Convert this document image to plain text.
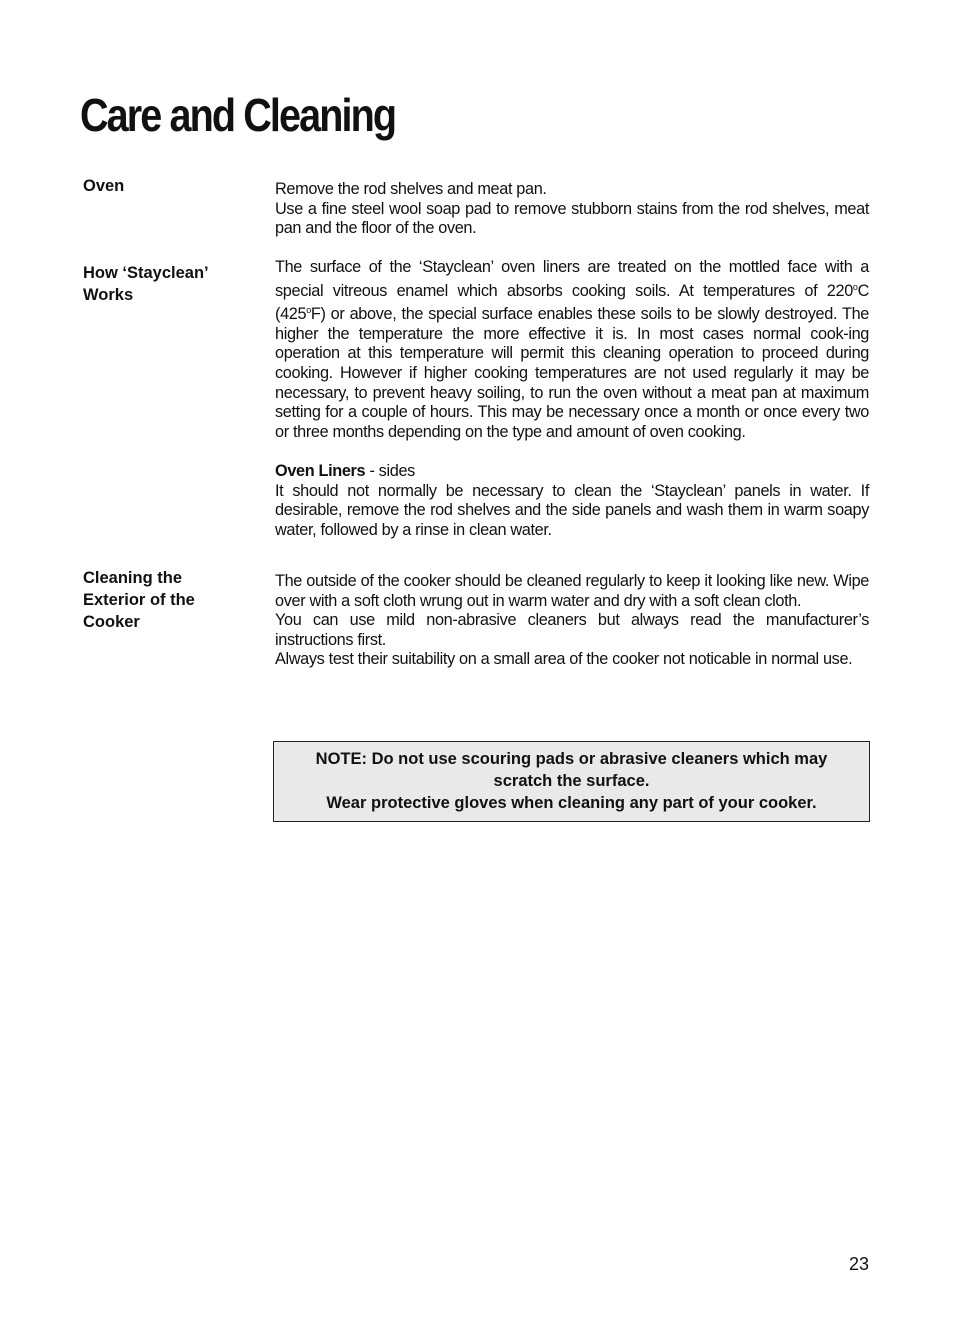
Care and Cleaning
Oven	Remove the rod shelves and meat pan.

Use a fine steel wool soap pad to remove stubborn stains from the rod shelves, meat pan and the floor of the oven.

How ‘Stayclean’
Works

The surface of the ‘Stayclean’ oven liners are treated on the mottled face with a special vitreous enamel which absorbs cooking soils. At temperatures of 220$^o$C (425$^o$F) or above, the special surface enables these soils to be slowly destroyed. The higher the temperature the more effective it is. In most cases normal cook-ing operation at this temperature will permit this cleaning operation to proceed during cooking. However if higher cooking temperatures are not used regularly it may be necessary, to prevent heavy soiling, to run the oven without a meat pan at maximum setting for a couple of hours. This may be necessary once a month or once every two or three months depending on the type and amount of oven cooking.

Oven Liners - sides

It should not normally be necessary to clean the ‘Stayclean’ panels in water. If desirable, remove the rod shelves and the side panels and wash them in warm soapy water, followed by a rinse in clean water.

Cleaning the
Exterior of the
Cooker

The outside of the cooker should be cleaned regularly to keep it looking like new. Wipe over with a soft cloth wrung out in warm water and dry with a soft clean cloth.

You can use mild non-abrasive cleaners but always read the manufacturer’s instructions first.

Always test their suitability on a small area of the cooker not noticable in normal use.

NOTE: Do not use scouring pads or abrasive cleaners which may
scratch the surface.
Wear protective gloves when cleaning any part of your cooker.
23
